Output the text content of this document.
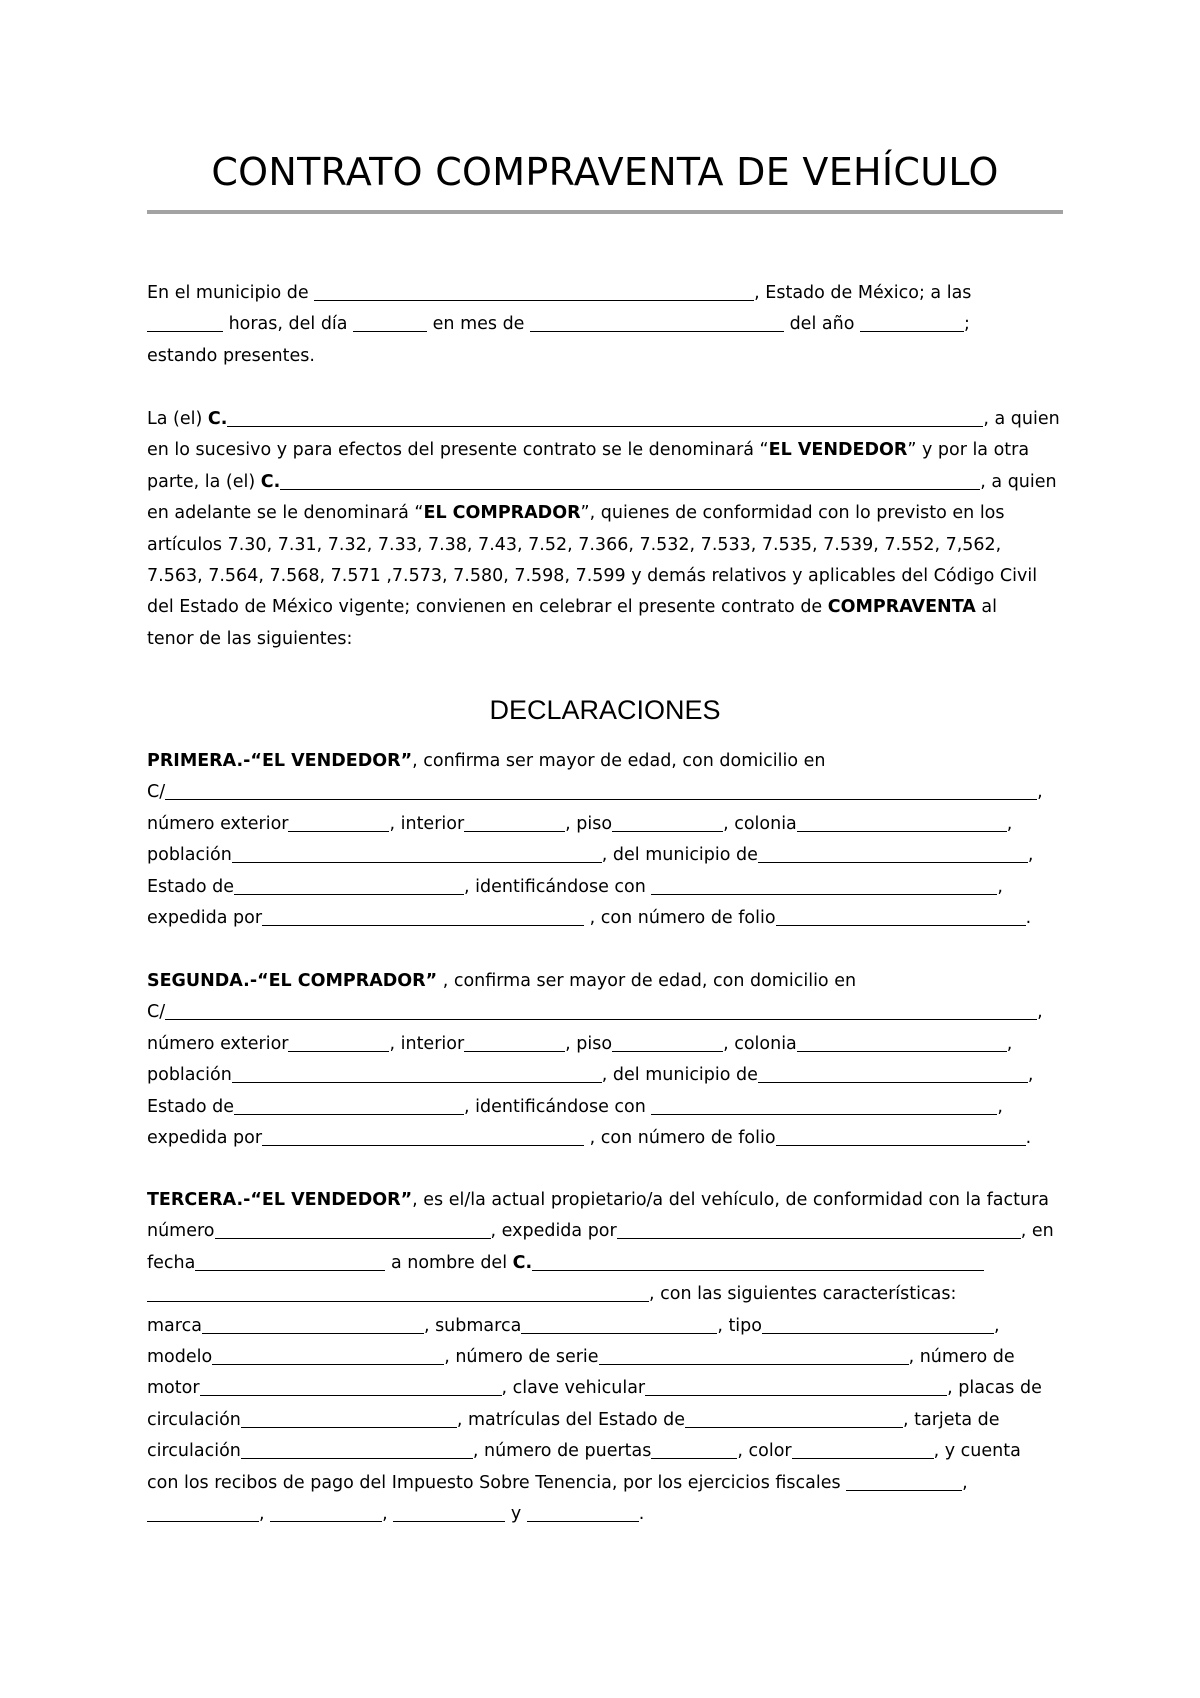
CONTRATO COMPRAVENTA DE VEHÍCULO
En el municipio de	, Estado de México; a las
horas, del día	en mes de	del año	;
estando presentes.
La (el) C.	, a quien
en lo sucesivo y para efectos del presente contrato se le denominará “EL VENDEDOR” y por la otra
parte, la (el) C.	, a quien
en adelante se le denominará “EL COMPRADOR”, quienes de conformidad con lo previsto en los
artículos 7.30, 7.31, 7.32, 7.33, 7.38, 7.43, 7.52, 7.366, 7.532, 7.533, 7.535, 7.539, 7.552, 7,562,
7.563, 7.564, 7.568, 7.571 ,7.573, 7.580, 7.598, 7.599 y demás relativos y aplicables del Código Civil
del Estado de México vigente; convienen en celebrar el presente contrato de COMPRAVENTA al
tenor de las siguientes:
DECLARACIONES
PRIMERA.-“EL VENDEDOR”, confirma ser mayor de edad, con domicilio en
C/	,
número exterior	, interior	, piso	, colonia	,
población	, del municipio de	,
Estado de	, identificándose con	,
expedida por	, con número de folio	.
SEGUNDA.-“EL COMPRADOR” , confirma ser mayor de edad, con domicilio en
C/	,
número exterior	, interior	, piso	, colonia	,
población	, del municipio de	,
Estado de	, identificándose con	,
expedida por	, con número de folio	.
TERCERA.-“EL VENDEDOR”, es el/la actual propietario/a del vehículo, de conformidad con la factura
número	, expedida por	, en
fecha	a nombre del C.
, con las siguientes características:
marca	, submarca	, tipo	,
modelo	, número de serie	, número de
motor	, clave vehicular	, placas de
circulación	, matrículas del Estado de	, tarjeta de
circulación	, número de puertas	, color	, y cuenta
con los recibos de pago del Impuesto Sobre Tenencia, por los ejercicios fiscales	,
,	,	y	.
